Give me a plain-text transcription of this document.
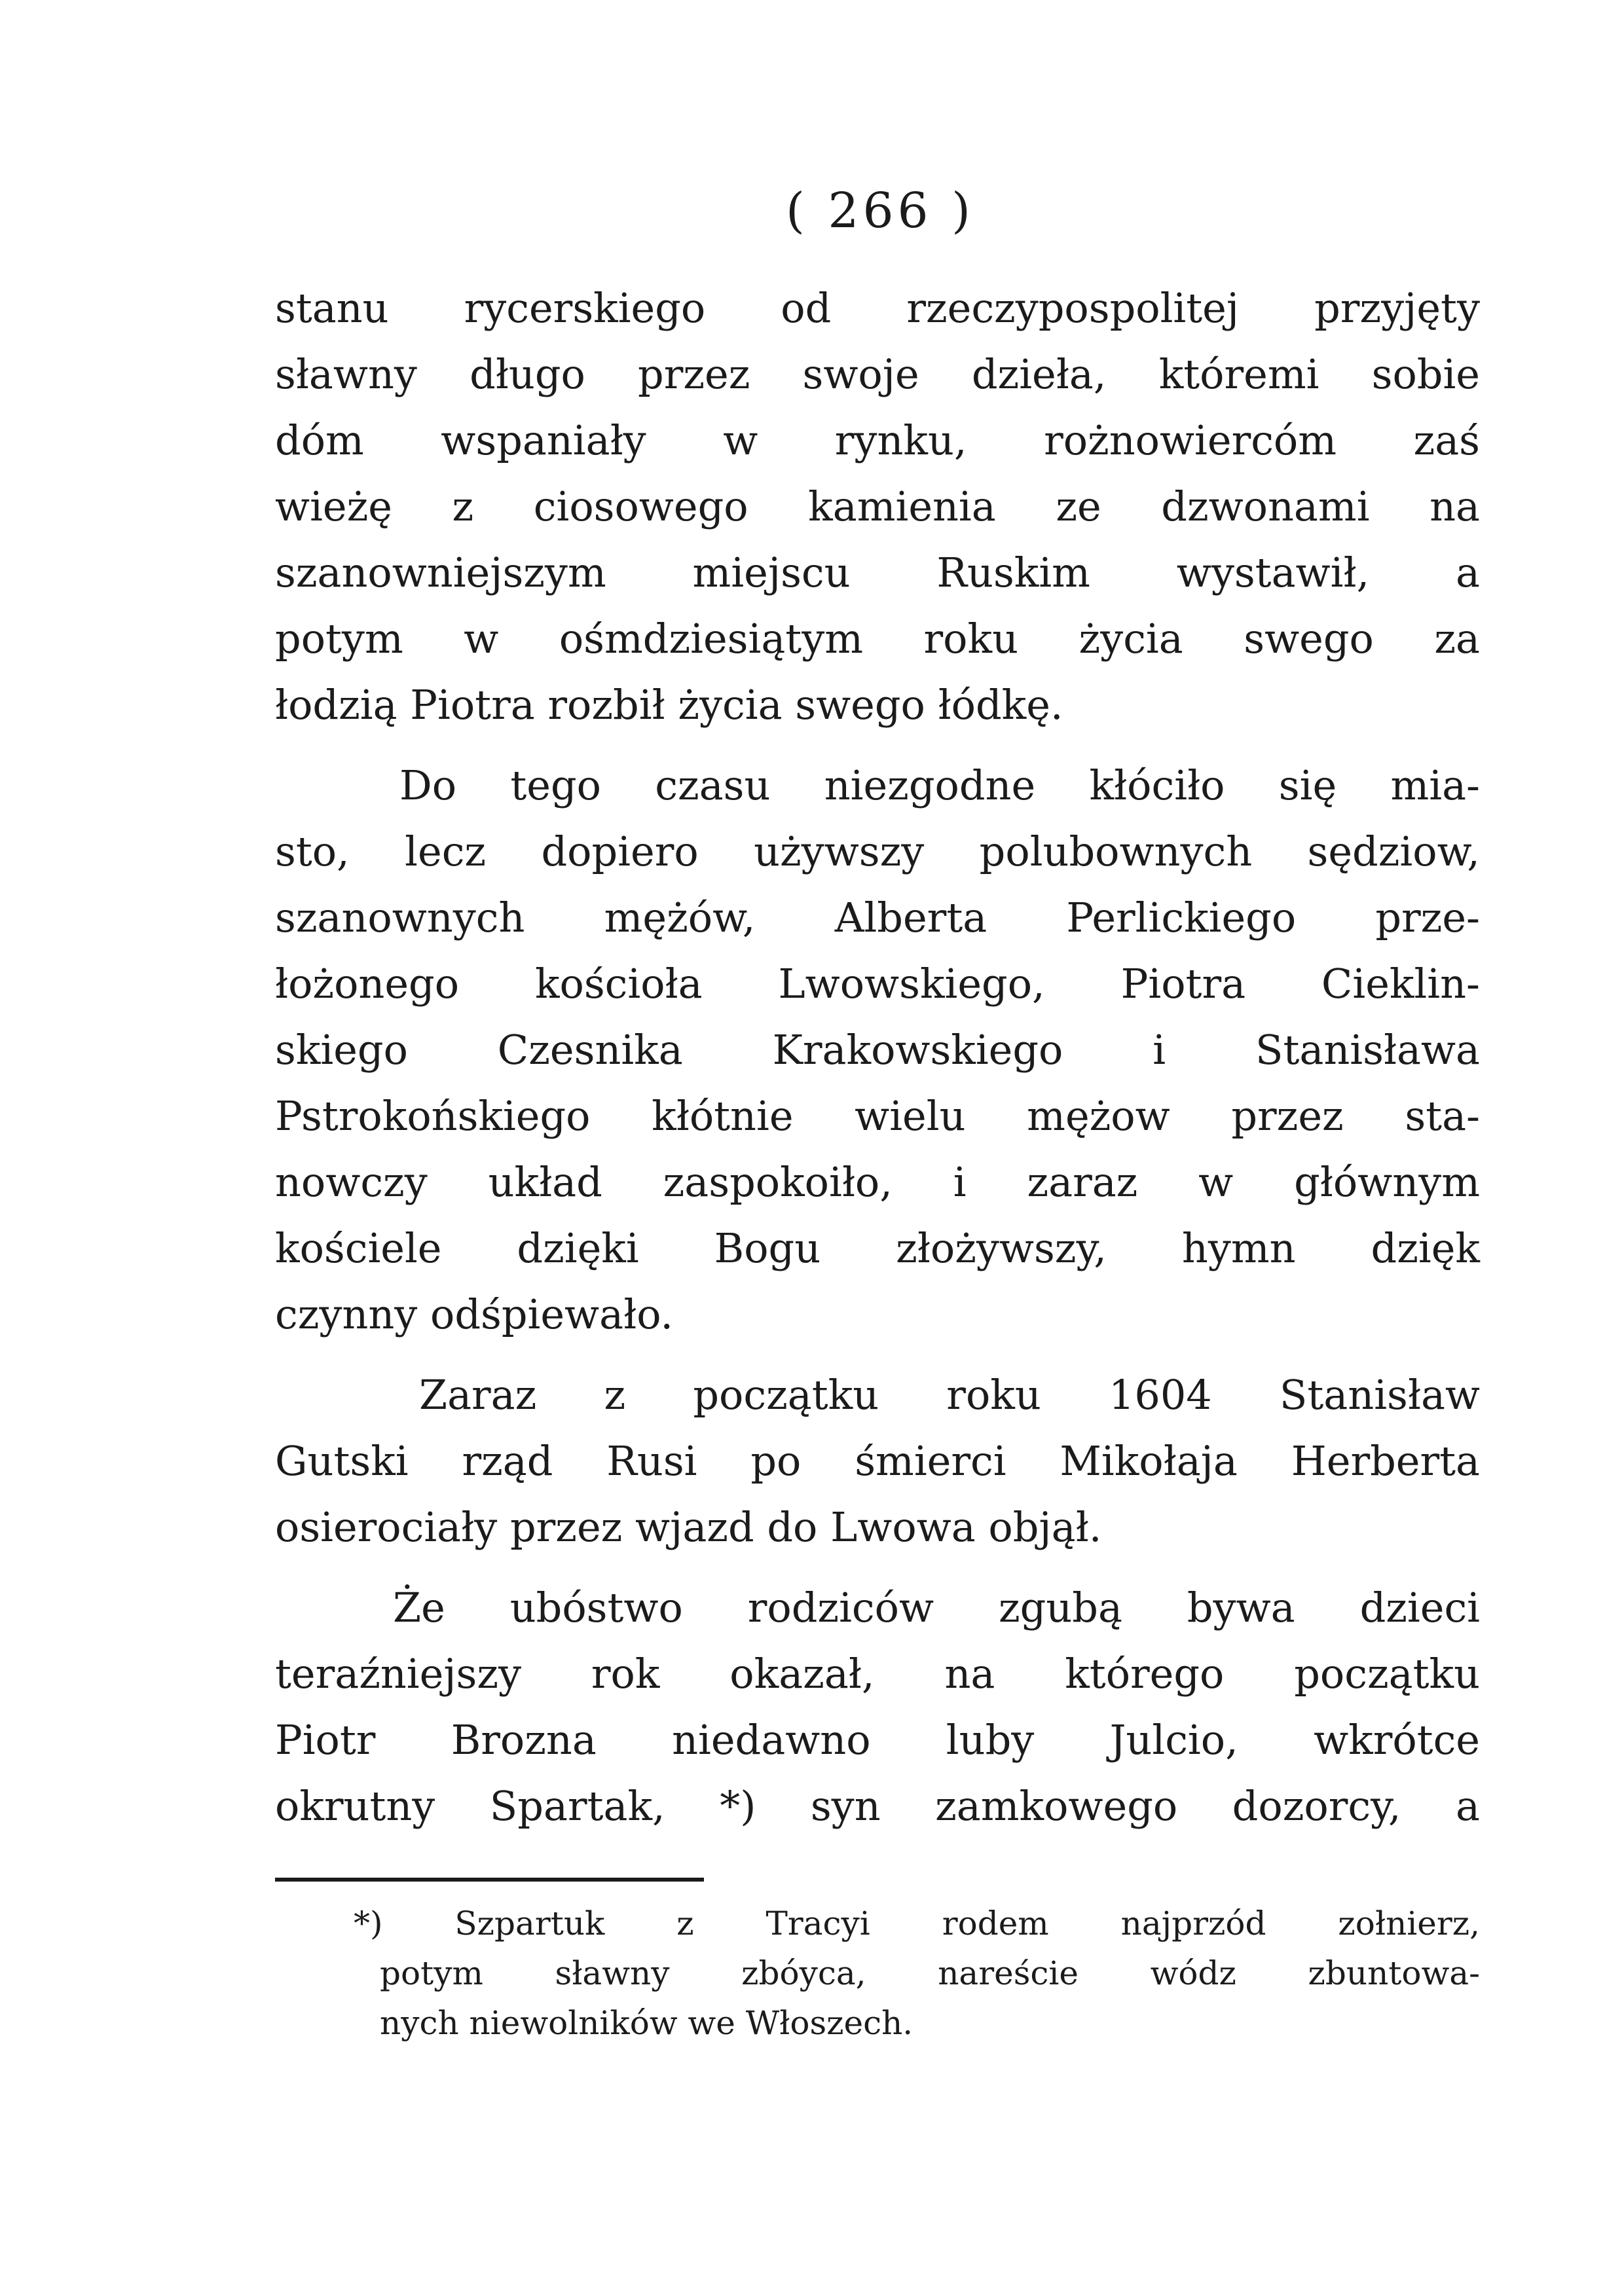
( 266 )
stanu rycerskiego od rzeczypospolitej przyjęty
sławny długo przez swoje dzieła, któremi sobie
dóm wspaniały w rynku, rożnowiercóm zaś
wieżę z ciosowego kamienia ze dzwonami na
szanowniejszym miejscu Ruskim wystawił, a
potym w ośmdziesiątym roku życia swego za
łodzią Piotra rozbił życia swego łódkę.
Do tego czasu niezgodne kłóciło się mia-
sto, lecz dopiero używszy polubownych sędziow,
szanownych mężów, Alberta Perlickiego prze-
łożonego kościoła Lwowskiego, Piotra Cieklin-
skiego Czesnika Krakowskiego i Stanisława
Pstrokońskiego kłótnie wielu mężow przez sta-
nowczy układ zaspokoiło, i zaraz w głównym
kościele dzięki Bogu złożywszy, hymn dzięk
czynny odśpiewało.
Zaraz z początku roku 1604 Stanisław
Gutski rząd Rusi po śmierci Mikołaja Herberta
osierociały przez wjazd do Lwowa objął.
Że ubóstwo rodziców zgubą bywa dzieci
teraźniejszy rok okazał, na którego początku
Piotr Brozna niedawno luby Julcio, wkrótce
okrutny Spartak, *) syn zamkowego dozorcy, a
*) Szpartuk z Tracyi rodem najprzód zołnierz,
potym sławny zbóyca, nareście wódz zbuntowa-
nych niewolników we Włoszech.
